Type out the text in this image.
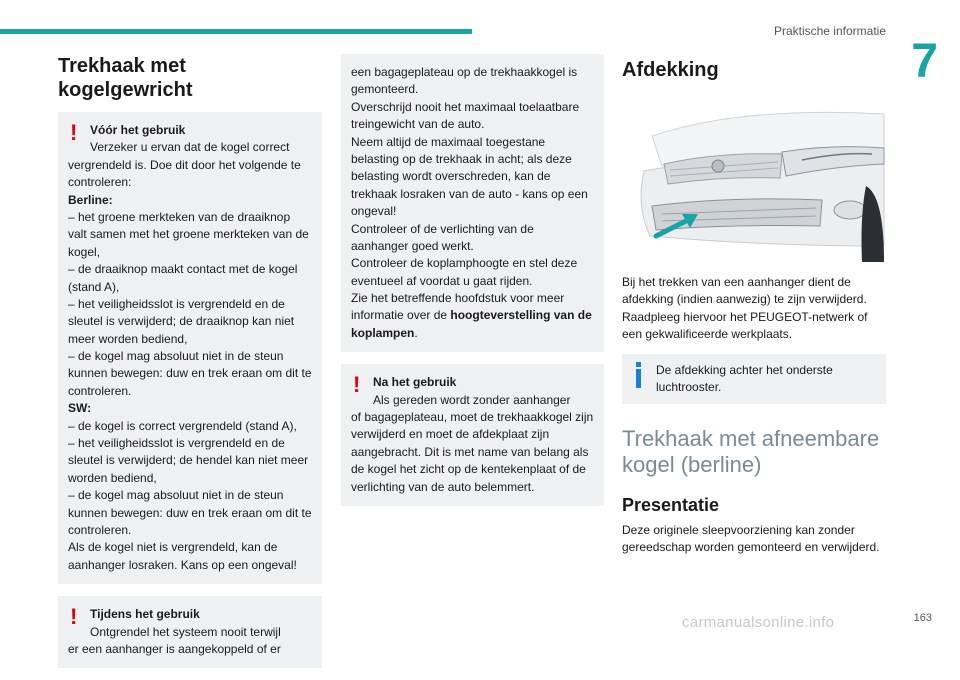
Praktische informatie
7
Trekhaak met kogelgewricht
!	Vóór het gebruik
Verzeker u ervan dat de kogel correct
vergrendeld is. Doe dit door het volgende te controleren:
Berline:
– het groene merkteken van de draaiknop valt samen met het groene merkteken van de kogel,
– de draaiknop maakt contact met de kogel (stand A),
– het veiligheidsslot is vergrendeld en de sleutel is verwijderd; de draaiknop kan niet meer worden bediend,
– de kogel mag absoluut niet in de steun kunnen bewegen: duw en trek eraan om dit te controleren.
SW:
– de kogel is correct vergrendeld (stand A),
– het veiligheidsslot is vergrendeld en de sleutel is verwijderd; de hendel kan niet meer worden bediend,
– de kogel mag absoluut niet in de steun kunnen bewegen: duw en trek eraan om dit te controleren.
Als de kogel niet is vergrendeld, kan de aanhanger losraken. Kans op een ongeval!
!	Tijdens het gebruik
Ontgrendel het systeem nooit terwijl
er een aanhanger is aangekoppeld of er
een bagageplateau op de trekhaakkogel is gemonteerd.
Overschrijd nooit het maximaal toelaatbare treingewicht van de auto.
Neem altijd de maximaal toegestane belasting op de trekhaak in acht; als deze belasting wordt overschreden, kan de trekhaak losraken van de auto - kans op een ongeval!
Controleer of de verlichting van de aanhanger goed werkt.
Controleer de koplamphoogte en stel deze eventueel af voordat u gaat rijden.
Zie het betreffende hoofdstuk voor meer informatie over de hoogteverstelling van de koplampen.
!	Na het gebruik
Als gereden wordt zonder aanhanger
of bagageplateau, moet de trekhaakkogel zijn verwijderd en moet de afdekplaat zijn aangebracht. Dit is met name van belang als de kogel het zicht op de kentekenplaat of de verlichting van de auto belemmert.
Afdekking

Bij het trekken van een aanhanger dient de afdekking (indien aanwezig) te zijn verwijderd. Raadpleeg hiervoor het PEUGEOT-netwerk of een gekwalificeerde werkplaats.

De afdekking achter het onderste luchtrooster.
Trekhaak met afneembare kogel (berline)
Presentatie

Deze originele sleepvoorziening kan zonder gereedschap worden gemonteerd en verwijderd.

163
carmanualsonline.info
